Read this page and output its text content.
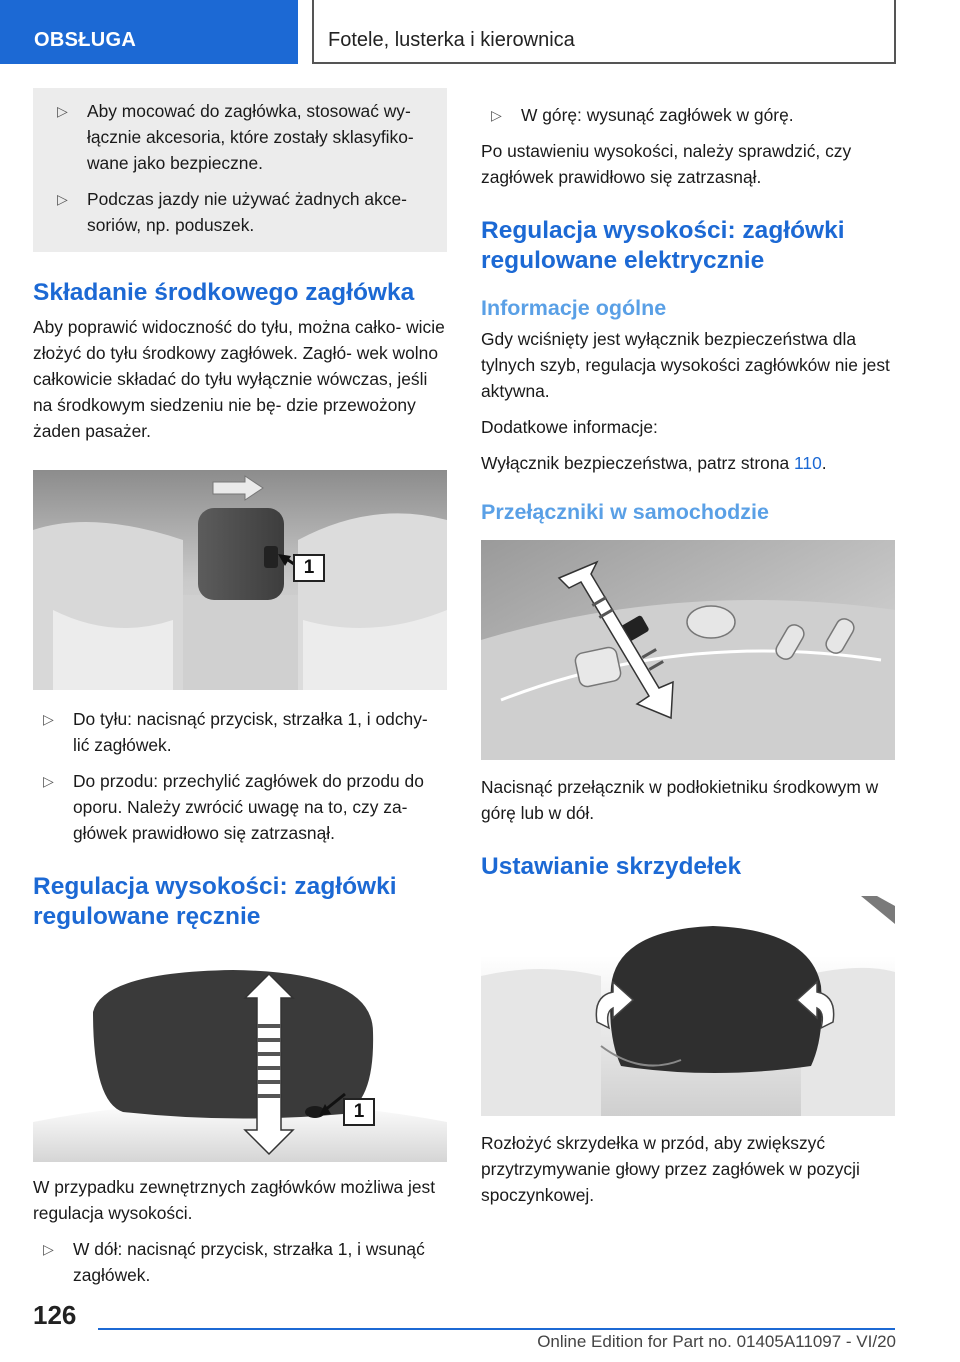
OBSŁUGA	Fotele, lusterka i kierownica
▷ Aby mocować do zagłówka, stosować wy- łącznie akcesoria, które zostały sklasyfiko- wane jako bezpieczne.
▷ Podczas jazdy nie używać żadnych akce- soriów, np. poduszek.
Składanie środkowego zagłówka
Aby poprawić widoczność do tyłu, można całko- wicie złożyć do tyłu środkowy zagłówek. Zagłó- wek wolno całkowicie składać do tyłu wyłącznie wówczas, jeśli na środkowym siedzeniu nie bę- dzie przewożony żaden pasażer.
1
▷ Do tyłu: nacisnąć przycisk, strzałka 1, i odchy- lić zagłówek.
▷ Do przodu: przechylić zagłówek do przodu do oporu. Należy zwrócić uwagę na to, czy za- główek prawidłowo się zatrzasnął.
Regulacja wysokości: zagłówki regulowane ręcznie
1
W przypadku zewnętrznych zagłówków możliwa jest regulacja wysokości.
▷ W dół: nacisnąć przycisk, strzałka 1, i wsunąć zagłówek.
▷ W górę: wysunąć zagłówek w górę.
Po ustawieniu wysokości, należy sprawdzić, czy zagłówek prawidłowo się zatrzasnął.
Regulacja wysokości: zagłówki regulowane elektrycznie
Informacje ogólne
Gdy wciśnięty jest wyłącznik bezpieczeństwa dla tylnych szyb, regulacja wysokości zagłówków nie jest aktywna.
Dodatkowe informacje:
Wyłącznik bezpieczeństwa, patrz strona 110.
Przełączniki w samochodzie
Nacisnąć przełącznik w podłokietniku środkowym w górę lub w dół.
Ustawianie skrzydełek
Rozłożyć skrzydełka w przód, aby zwiększyć przytrzymywanie głowy przez zagłówek w pozycji spoczynkowej.
126
Online Edition for Part no. 01405A11097 - VI/20
